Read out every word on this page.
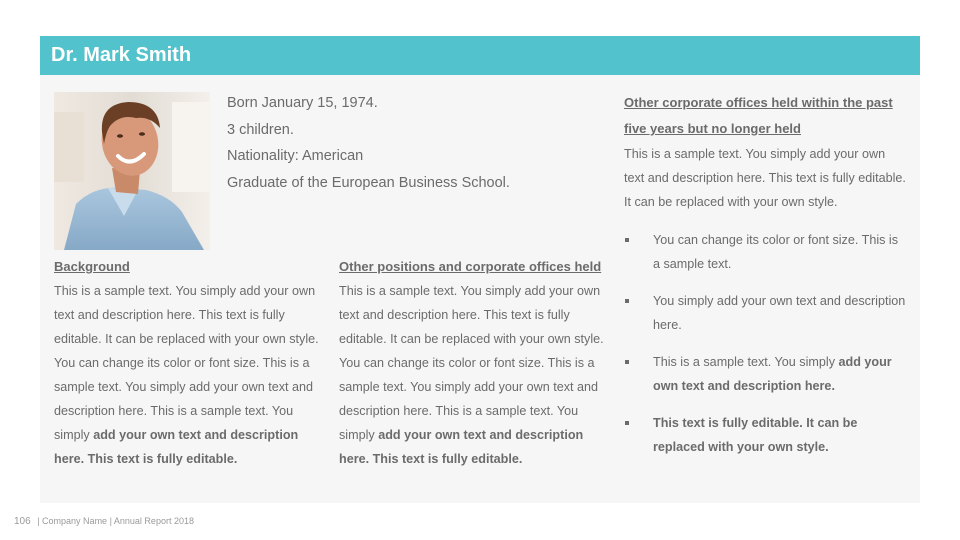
Dr. Mark Smith
Born January 15, 1974.
3 children.
Nationality: American
Graduate of the European Business School.
Background
This is a sample text. You simply add your own text and description here. This text is fully editable. It can be replaced with your own style. You can change its color or font size. This is a sample text. You simply add your own text and description here. This is a sample text. You simply add your own text and description here. This text is fully editable.
Other positions and corporate offices held
This is a sample text. You simply add your own text and description here. This text is fully editable. It can be replaced with your own style. You can change its color or font size. This is a sample text. You simply add your own text and description here. This is a sample text. You simply add your own text and description here. This text is fully editable.
Other corporate offices held within the past five years but no longer held
This is a sample text. You simply add your own text and description here. This text is fully editable. It can be replaced with your own style.
You can change its color or font size. This is a sample text.
You simply add your own text and description here.
This is a sample text. You simply add your own text and description here.
This text is fully editable. It can be replaced with your own style.
106 | Company Name | Annual Report 2018
